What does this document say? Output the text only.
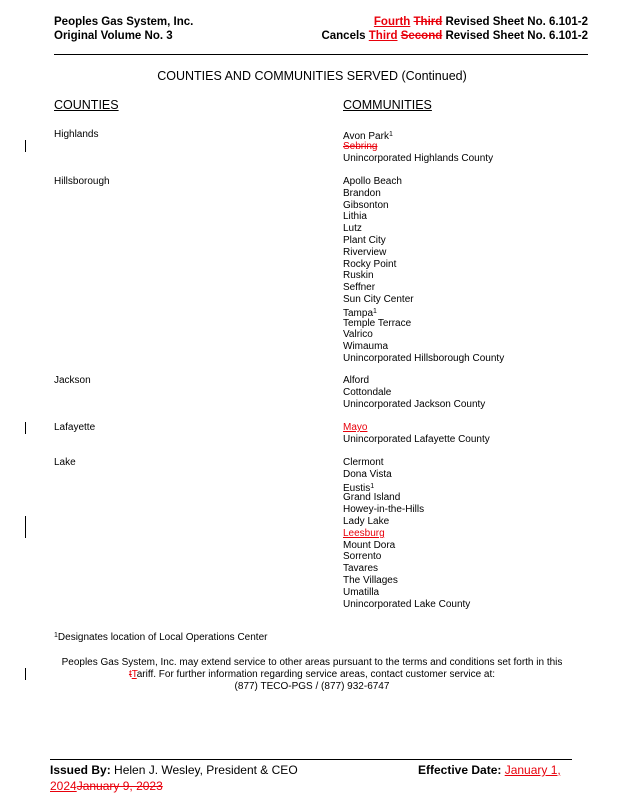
Peoples Gas System, Inc.
Original Volume No. 3
Fourth Third Revised Sheet No. 6.101-2
Cancels Third Second Revised Sheet No. 6.101-2
COUNTIES AND COMMUNITIES SERVED (Continued)
COUNTIES	COMMUNITIES
Highlands	Avon Park$^1$
Sebring
Unincorporated Highlands County
Hillsborough	Apollo Beach
Brandon
Gibsonton
Lithia
Lutz
Plant City
Riverview
Rocky Point
Ruskin
Seffner
Sun City Center
Tampa$^1$
Temple Terrace
Valrico
Wimauma
Unincorporated Hillsborough County
Jackson	Alford
Cottondale
Unincorporated Jackson County
Lafayette	Mayo
Unincorporated Lafayette County
Lake	Clermont
Dona Vista
Eustis$^1$
Grand Island
Howey-in-the-Hills
Lady Lake
Leesburg
Mount Dora
Sorrento
Tavares
The Villages
Umatilla
Unincorporated Lake County
$^1$Designates location of Local Operations Center
Peoples Gas System, Inc. may extend service to other areas pursuant to the terms and conditions set forth in this
tTariff. For further information regarding service areas, contact customer service at:
(877) TECO-PGS / (877) 932-6747
Issued By: Helen J. Wesley, President & CEO	Effective Date: January 1,
2024January 9, 2023
